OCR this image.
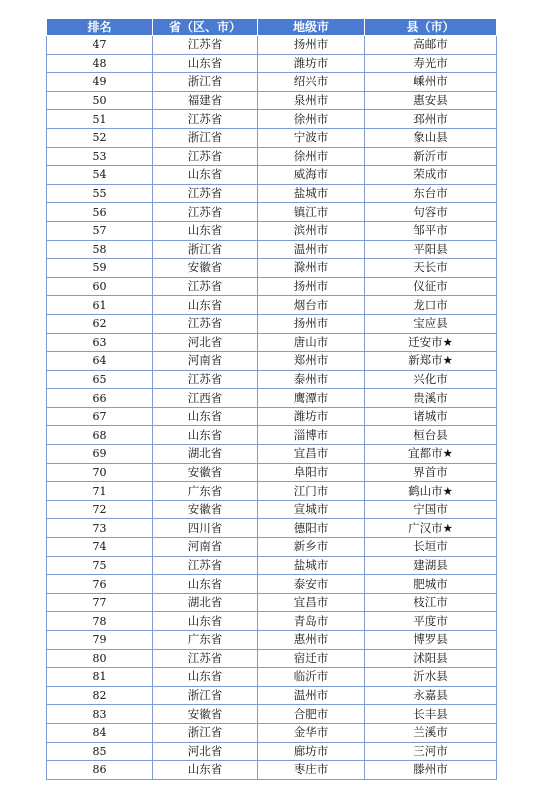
排名	省（区、市）	地级市	县（市）
47	江苏省	扬州市	高邮市
48	山东省	潍坊市	寿光市
49	浙江省	绍兴市	嵊州市
50	福建省	泉州市	惠安县
51	江苏省	徐州市	邳州市
52	浙江省	宁波市	象山县
53	江苏省	徐州市	新沂市
54	山东省	威海市	荣成市
55	江苏省	盐城市	东台市
56	江苏省	镇江市	句容市
57	山东省	滨州市	邹平市
58	浙江省	温州市	平阳县
59	安徽省	滁州市	天长市
60	江苏省	扬州市	仪征市
61	山东省	烟台市	龙口市
62	江苏省	扬州市	宝应县
63	河北省	唐山市	迁安市★
64	河南省	郑州市	新郑市★
65	江苏省	泰州市	兴化市
66	江西省	鹰潭市	贵溪市
67	山东省	潍坊市	诸城市
68	山东省	淄博市	桓台县
69	湖北省	宜昌市	宜都市★
70	安徽省	阜阳市	界首市
71	广东省	江门市	鹤山市★
72	安徽省	宣城市	宁国市
73	四川省	德阳市	广汉市★
74	河南省	新乡市	长垣市
75	江苏省	盐城市	建湖县
76	山东省	泰安市	肥城市
77	湖北省	宜昌市	枝江市
78	山东省	青岛市	平度市
79	广东省	惠州市	博罗县
80	江苏省	宿迁市	沭阳县
81	山东省	临沂市	沂水县
82	浙江省	温州市	永嘉县
83	安徽省	合肥市	长丰县
84	浙江省	金华市	兰溪市
85	河北省	廊坊市	三河市
86	山东省	枣庄市	滕州市
